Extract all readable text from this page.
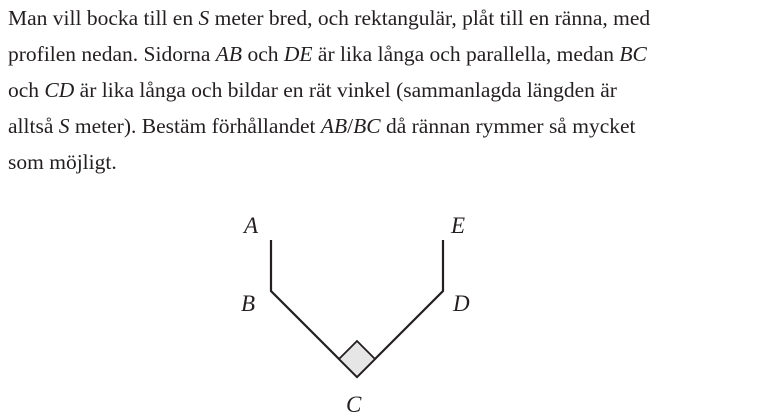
Man vill bocka till en S meter bred, och rektangulär, plåt till en ränna, med
profilen nedan. Sidorna AB och DE är lika långa och parallella, medan BC
och CD är lika långa och bildar en rät vinkel (sammanlagda längden är
alltså S meter). Bestäm förhållandet AB/BC då rännan rymmer så mycket
som möjligt.
A
B
C
D
E
